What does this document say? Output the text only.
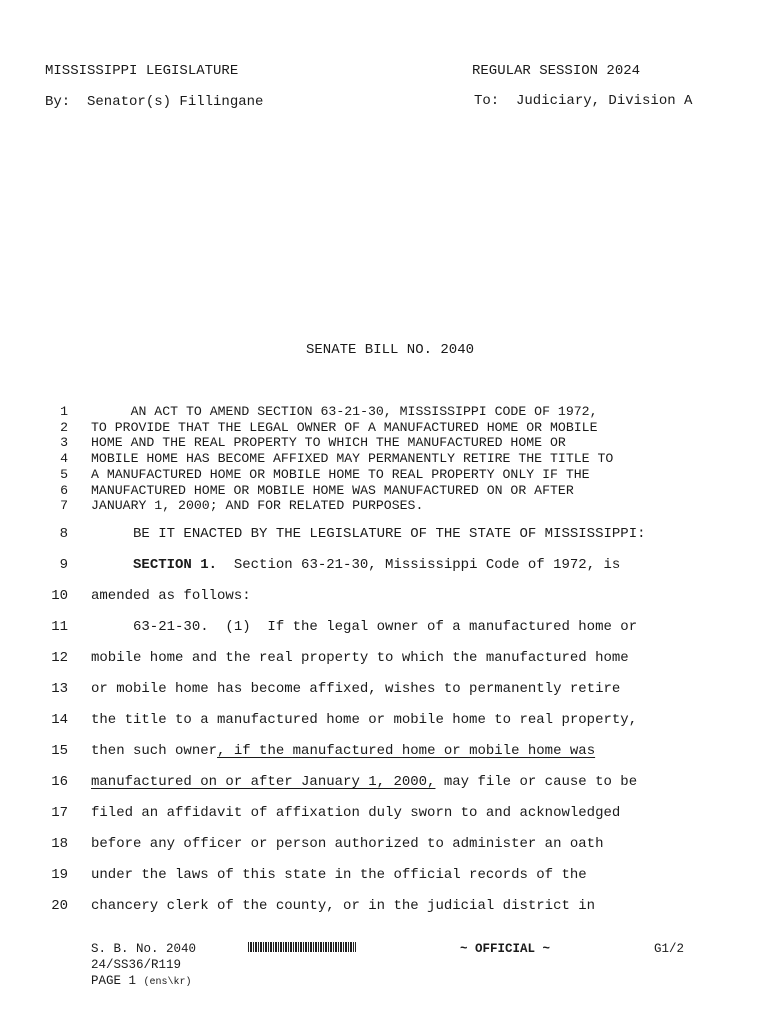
MISSISSIPPI LEGISLATURE	REGULAR SESSION 2024
By:  Senator(s) Fillingane	To:  Judiciary, Division A
SENATE BILL NO. 2040
1 AN ACT TO AMEND SECTION 63-21-30, MISSISSIPPI CODE OF 1972,
2 TO PROVIDE THAT THE LEGAL OWNER OF A MANUFACTURED HOME OR MOBILE
3 HOME AND THE REAL PROPERTY TO WHICH THE MANUFACTURED HOME OR
4 MOBILE HOME HAS BECOME AFFIXED MAY PERMANENTLY RETIRE THE TITLE TO
5 A MANUFACTURED HOME OR MOBILE HOME TO REAL PROPERTY ONLY IF THE
6 MANUFACTURED HOME OR MOBILE HOME WAS MANUFACTURED ON OR AFTER
7 JANUARY 1, 2000; AND FOR RELATED PURPOSES.
8 BE IT ENACTED BY THE LEGISLATURE OF THE STATE OF MISSISSIPPI:
9	SECTION 1.  Section 63-21-30, Mississippi Code of 1972, is
10 amended as follows:
11 63-21-30.  (1)  If the legal owner of a manufactured home or
12 mobile home and the real property to which the manufactured home
13 or mobile home has become affixed, wishes to permanently retire
14 the title to a manufactured home or mobile home to real property,
15 then such owner, if the manufactured home or mobile home was
16 manufactured on or after January 1, 2000, may file or cause to be
17 filed an affidavit of affixation duly sworn to and acknowledged
18 before any officer or person authorized to administer an oath
19 under the laws of this state in the official records of the
20 chancery clerk of the county, or in the judicial district in
S. B. No. 2040	~ OFFICIAL ~	G1/2
24/SS36/R119
PAGE 1 (ens\kr)
